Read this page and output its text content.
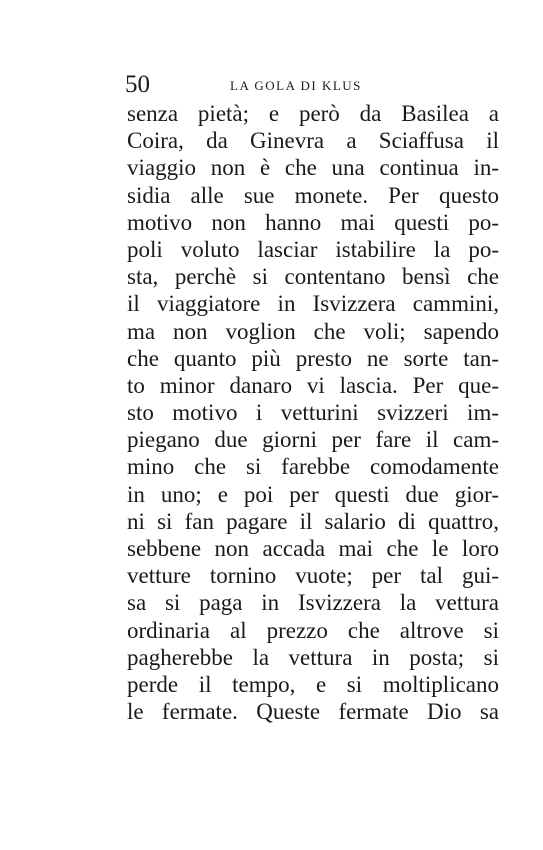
50	LA GOLA DI KLUS
senza pietà; e però da Basilea a
Coira, da Ginevra a Sciaffusa il
viaggio non è che una continua in-
sidia alle sue monete. Per questo
motivo non hanno mai questi po-
poli voluto lasciar istabilire la po-
sta, perchè si contentano bensì che
il viaggiatore in Isvizzera cammini,
ma non voglion che voli; sapendo
che quanto più presto ne sorte tan-
to minor danaro vi lascia. Per que-
sto motivo i vetturini svizzeri im-
piegano due giorni per fare il cam-
mino che si farebbe comodamente
in uno; e poi per questi due gior-
ni si fan pagare il salario di quattro,
sebbene non accada mai che le loro
vetture tornino vuote; per tal gui-
sa si paga in Isvizzera la vettura
ordinaria al prezzo che altrove si
pagherebbe la vettura in posta; si
perde il tempo, e si moltiplicano
le fermate. Queste fermate Dio sa
